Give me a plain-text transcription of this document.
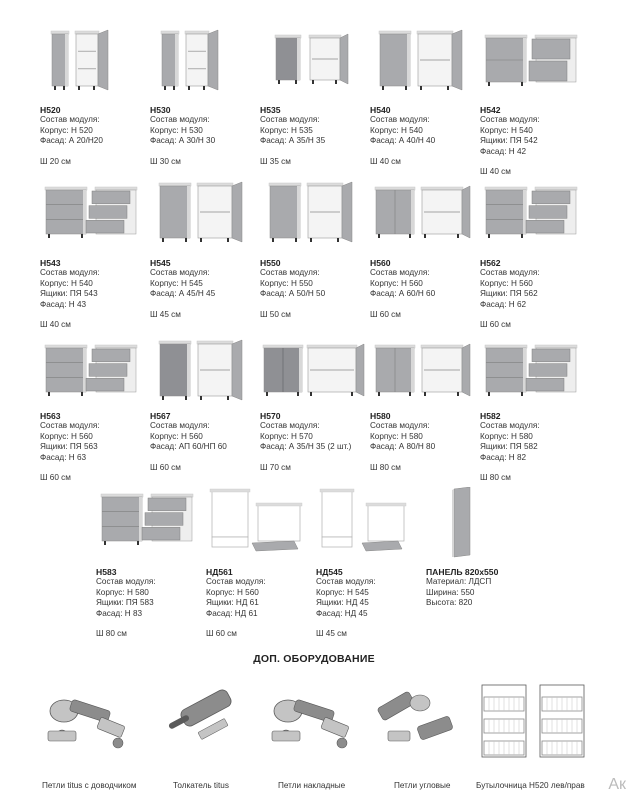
Н520
Состав модуля:
Корпус: Н 520
Фасад: А 20/Н20
Ш 20 см
Н530
Состав модуля:
Корпус: Н 530
Фасад: А 30/Н 30
Ш 30 см
Н535
Состав модуля:
Корпус: Н 535
Фасад: А 35/Н 35
Ш 35 см
Н540
Состав модуля:
Корпус: Н 540
Фасад: А 40/Н 40
Ш 40 см
Н542
Состав модуля:
Корпус: Н 540
Ящики: ПЯ 542
Фасад: Н 42
Ш 40 см
Н543
Состав модуля:
Корпус: Н 540
Ящики: ПЯ 543
Фасад: Н 43
Ш 40 см
Н545
Состав модуля:
Корпус: Н 545
Фасад: А 45/Н 45
Ш 45 см
Н550
Состав модуля:
Корпус: Н 550
Фасад: А 50/Н 50
Ш 50 см
Н560
Состав модуля:
Корпус: Н 560
Фасад: А 60/Н 60
Ш 60 см
Н562
Состав модуля:
Корпус: Н 560
Ящики: ПЯ 562
Фасад: Н 62
Ш 60 см
Н563
Состав модуля:
Корпус: Н 560
Ящики: ПЯ 563
Фасад: Н 63
Ш 60 см
Н567
Состав модуля:
Корпус: Н 560
Фасад: АП 60/НП 60
Ш 60 см
Н570
Состав модуля:
Корпус: Н 570
Фасад: А 35/Н 35 (2 шт.)
Ш 70 см
Н580
Состав модуля:
Корпус: Н 580
Фасад: А 80/Н 80
Ш 80 см
Н582
Состав модуля:
Корпус: Н 580
Ящики: ПЯ 582
Фасад: Н 82
Ш 80 см
Н583
Состав модуля:
Корпус: Н 580
Ящики: ПЯ 583
Фасад: Н 83
Ш 80 см
НД561
Состав модуля:
Корпус: Н 560
Ящики: НД 61
Фасад: НД 61
Ш 60 см
НД545
Состав модуля:
Корпус: Н 545
Ящики: НД 45
Фасад: НД 45
Ш 45 см
ПАНЕЛЬ 820х550
Материал: ЛДСП
Ширина: 550
Высота: 820
ДОП. ОБОРУДОВАНИЕ
Петли titus с доводчиком	Толкатель titus	Петли накладные	Петли угловые	Бутылочница Н520 лев/прав Ак
